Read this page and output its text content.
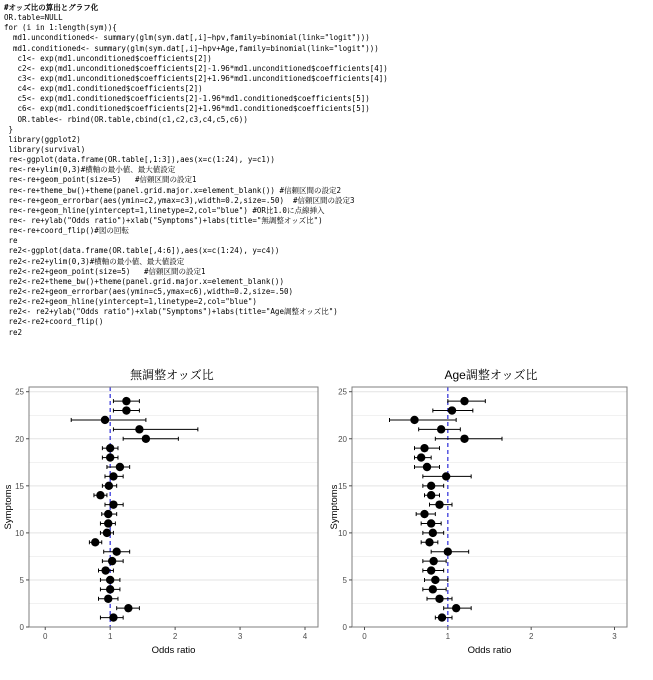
#オッズ比の算出とグラフ化
OR.table=NULL
for (i in 1:length(sym)){
md1.unconditioned<- summary(glm(sym.dat[,i]~hpv,family=binomial(link="logit")))
md1.conditioned<- summary(glm(sym.dat[,i]~hpv+Age,family=binomial(link="logit")))
c1<- exp(md1.unconditioned$coefficients[2])
c2<- exp(md1.unconditioned$coefficients[2]-1.96*md1.unconditioned$coefficients[4])
c3<- exp(md1.unconditioned$coefficients[2]+1.96*md1.unconditioned$coefficients[4])
c4<- exp(md1.conditioned$coefficients[2])
c5<- exp(md1.conditioned$coefficients[2]-1.96*md1.conditioned$coefficients[5])
c6<- exp(md1.conditioned$coefficients[2]+1.96*md1.conditioned$coefficients[5])
OR.table<- rbind(OR.table,cbind(c1,c2,c3,c4,c5,c6))
}
library(ggplot2)
library(survival)
re<-ggplot(data.frame(OR.table[,1:3]),aes(x=c(1:24), y=c1))
re<-re+ylim(0,3)#横軸の最小値、最大値設定
re<-re+geom_point(size=5)   #信頼区間の設定1
re<-re+theme_bw()+theme(panel.grid.major.x=element_blank()) #信頼区間の設定2
re<-re+geom_errorbar(aes(ymin=c2,ymax=c3),width=0.2,size=.50)  #信頼区間の設定3
re<-re+geom_hline(yintercept=1,linetype=2,col="blue") #OR比1.0に点線挿入
re<- re+ylab("Odds ratio")+xlab("Symptoms")+labs(title="無調整オッズ比")
re<-re+coord_flip()#図の回転
re
re2<-ggplot(data.frame(OR.table[,4:6]),aes(x=c(1:24), y=c4))
re2<-re2+ylim(0,3)#横軸の最小値、最大値設定
re2<-re2+geom_point(size=5)   #信頼区間の設定1
re2<-re2+theme_bw()+theme(panel.grid.major.x=element_blank())
re2<-re2+geom_errorbar(aes(ymin=c5,ymax=c6),width=0.2,size=.50)
re2<-re2+geom_hline(yintercept=1,linetype=2,col="blue")
re2<- re2+ylab("Odds ratio")+xlab("Symptoms")+labs(title="Age調整オッズ比")
re2<-re2+coord_flip()
re2
無調整オッズ比
0
5
10
15
20
25
0	1	2	3	4
Odds ratio
Symptoms
Age調整オッズ比
0
5
10
15
20
25
0	1	2	3
Odds ratio
Symptoms
